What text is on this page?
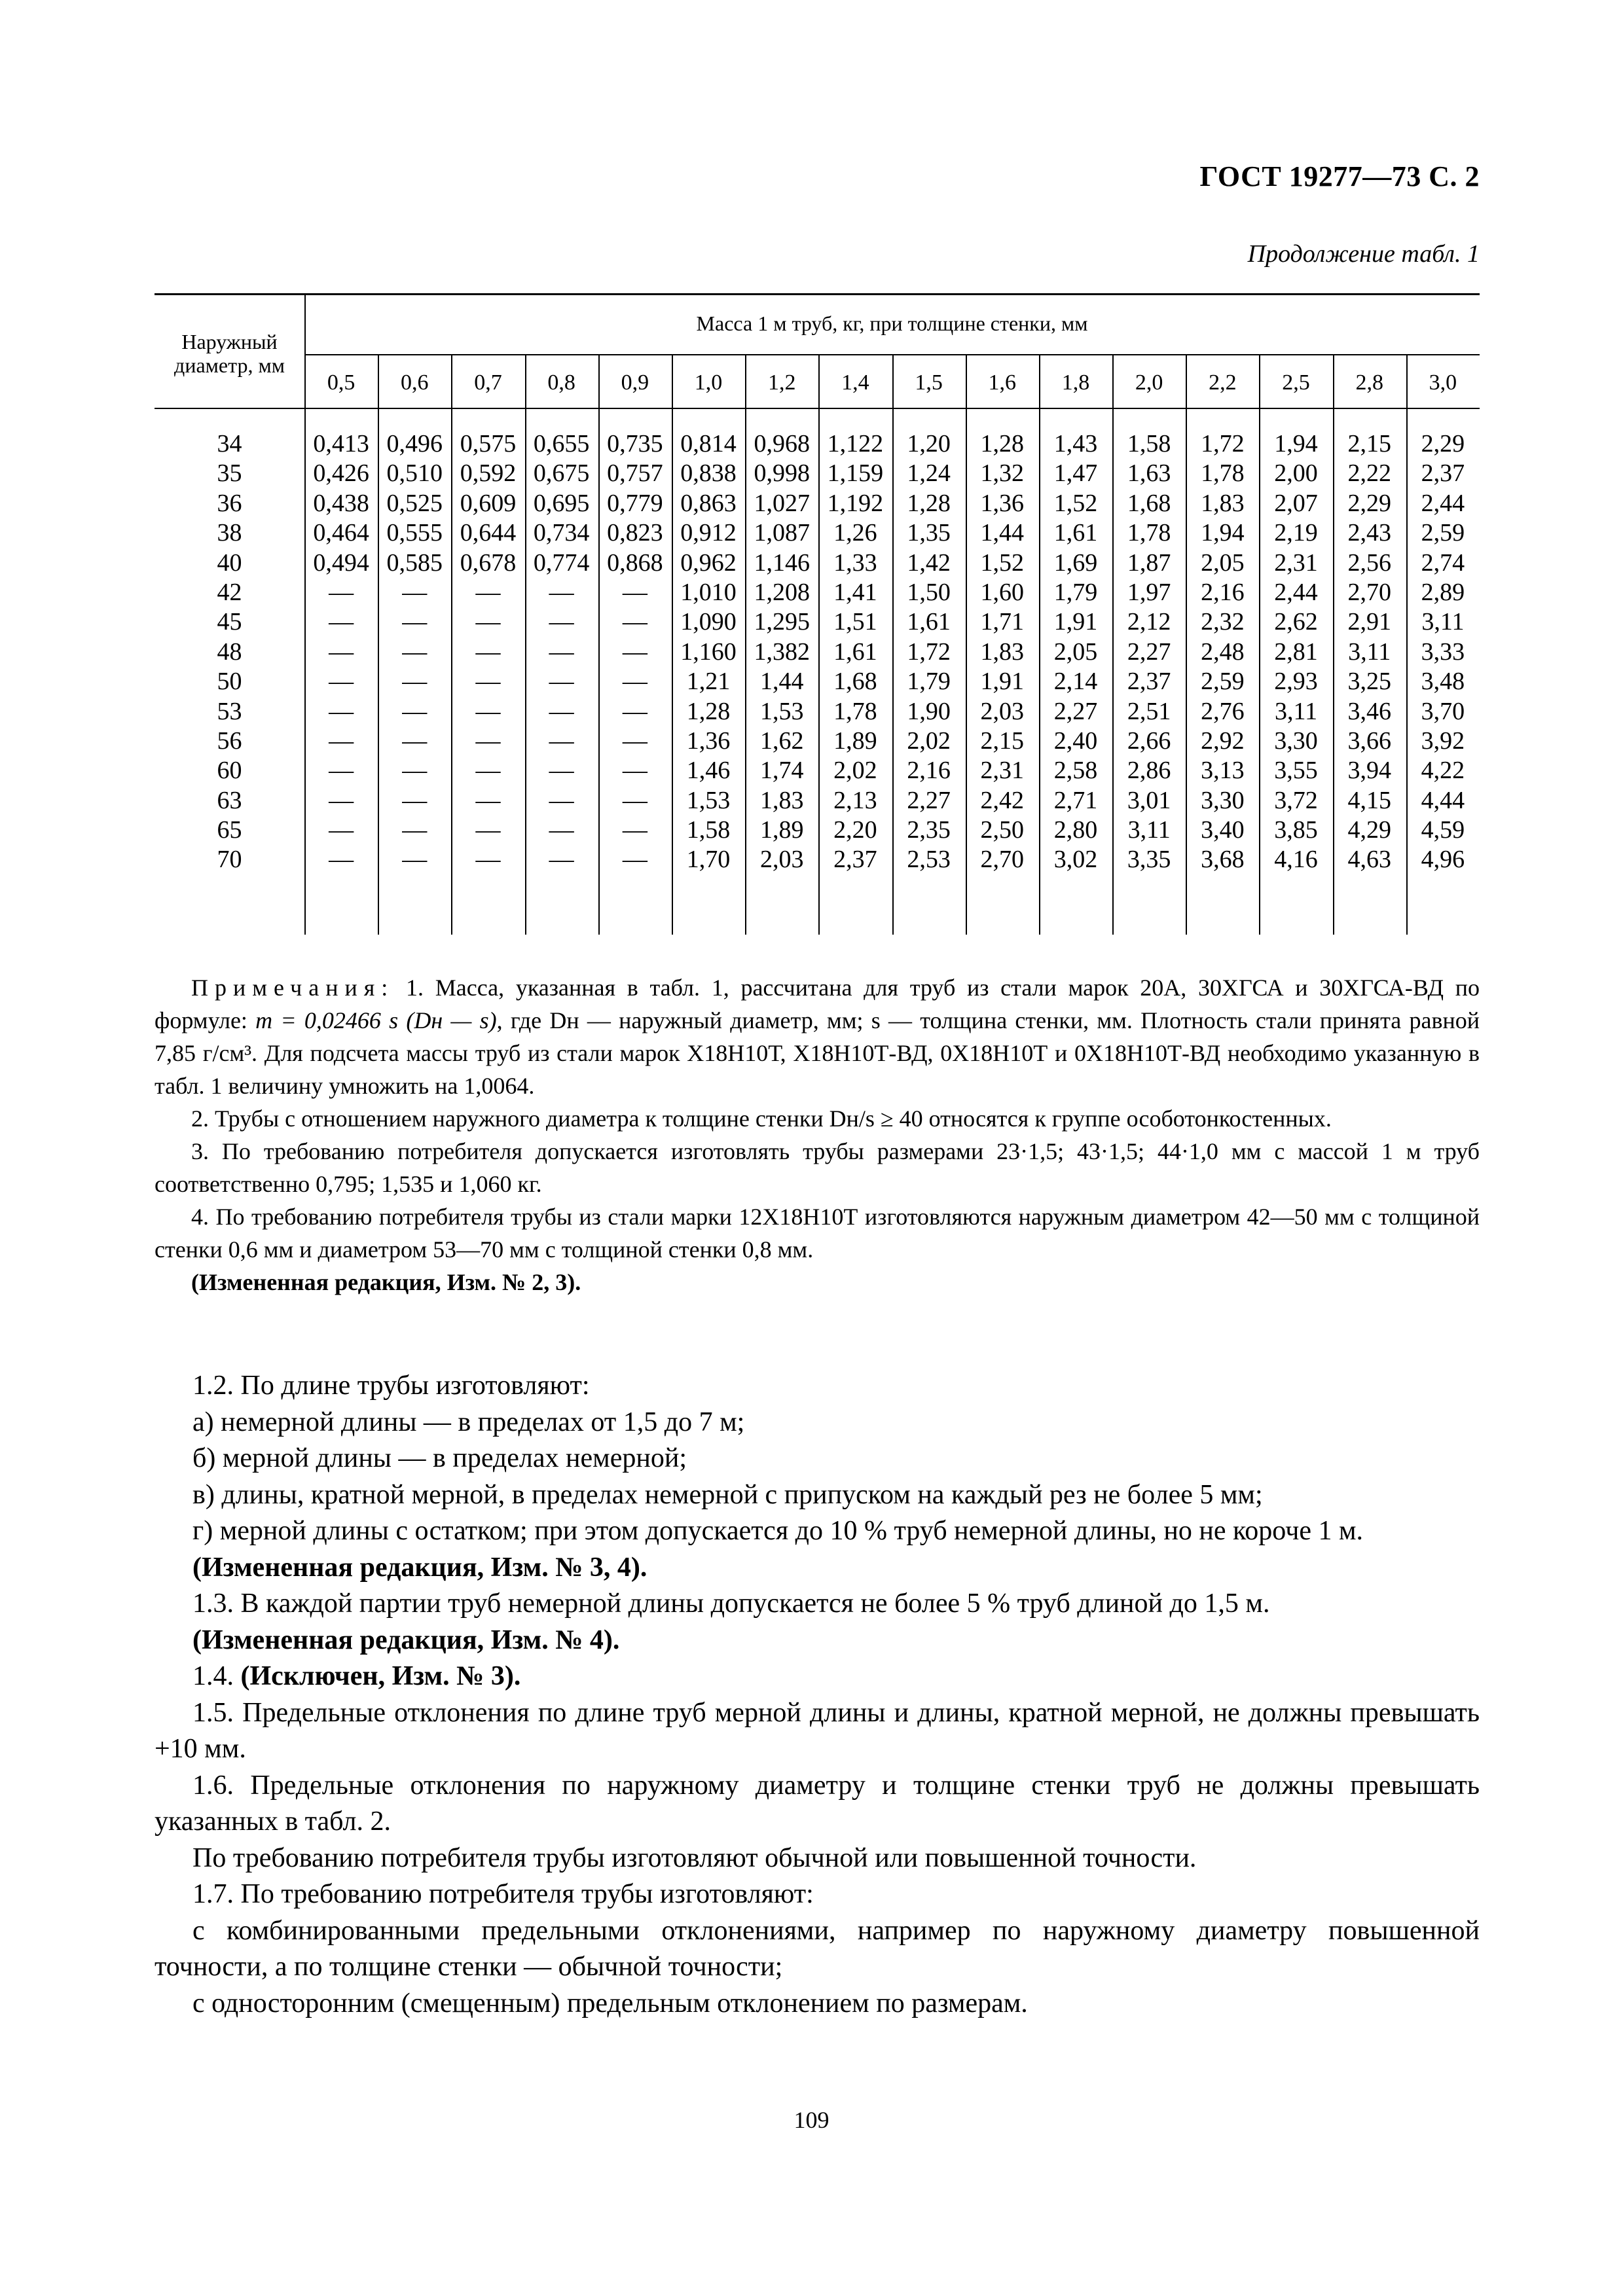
ГОСТ 19277—73 С. 2
Продолжение табл. 1
Наружный
диаметр, мм
Масса 1 м труб, кг, при толщине стенки, мм
34
35
36
38
40
42
45
48
50
53
56
60
63
65
70
0,5
0,413
0,426
0,438
0,464
0,494
—
—
—
—
—
—
—
—
—
—
0,6
0,496
0,510
0,525
0,555
0,585
—
—
—
—
—
—
—
—
—
—
0,7
0,575
0,592
0,609
0,644
0,678
—
—
—
—
—
—
—
—
—
—
0,8
0,655
0,675
0,695
0,734
0,774
—
—
—
—
—
—
—
—
—
—
0,9
0,735
0,757
0,779
0,823
0,868
—
—
—
—
—
—
—
—
—
—
1,0
0,814
0,838
0,863
0,912
0,962
1,010
1,090
1,160
1,21
1,28
1,36
1,46
1,53
1,58
1,70
1,2
0,968
0,998
1,027
1,087
1,146
1,208
1,295
1,382
1,44
1,53
1,62
1,74
1,83
1,89
2,03
1,4
1,122
1,159
1,192
1,26
1,33
1,41
1,51
1,61
1,68
1,78
1,89
2,02
2,13
2,20
2,37
1,5
1,20
1,24
1,28
1,35
1,42
1,50
1,61
1,72
1,79
1,90
2,02
2,16
2,27
2,35
2,53
1,6
1,28
1,32
1,36
1,44
1,52
1,60
1,71
1,83
1,91
2,03
2,15
2,31
2,42
2,50
2,70
1,8
1,43
1,47
1,52
1,61
1,69
1,79
1,91
2,05
2,14
2,27
2,40
2,58
2,71
2,80
3,02
2,0
1,58
1,63
1,68
1,78
1,87
1,97
2,12
2,27
2,37
2,51
2,66
2,86
3,01
3,11
3,35
2,2
1,72
1,78
1,83
1,94
2,05
2,16
2,32
2,48
2,59
2,76
2,92
3,13
3,30
3,40
3,68
2,5
1,94
2,00
2,07
2,19
2,31
2,44
2,62
2,81
2,93
3,11
3,30
3,55
3,72
3,85
4,16
2,8
2,15
2,22
2,29
2,43
2,56
2,70
2,91
3,11
3,25
3,46
3,66
3,94
4,15
4,29
4,63
3,0
2,29
2,37
2,44
2,59
2,74
2,89
3,11
3,33
3,48
3,70
3,92
4,22
4,44
4,59
4,96

Примечания: 1. Масса, указанная в табл. 1, рассчитана для труб из стали марок 20А, 30ХГСА и 30ХГСА-ВД по формуле: m = 0,02466 s (Dн — s), где Dн — наружный диаметр, мм; s — толщина стенки, мм. Плотность стали принята равной 7,85 г/см³. Для подсчета массы труб из стали марок Х18Н10Т, Х18Н10Т-ВД, 0Х18Н10Т и 0Х18Н10Т-ВД необходимо указанную в табл. 1 величину умножить на 1,0064.

2. Трубы с отношением наружного диаметра к толщине стенки Dн/s ≥ 40 относятся к группе особотонкостенных.

3. По требованию потребителя допускается изготовлять трубы размерами 23·1,5; 43·1,5; 44·1,0 мм с массой 1 м труб соответственно 0,795; 1,535 и 1,060 кг.

4. По требованию потребителя трубы из стали марки 12Х18Н10Т изготовляются наружным диаметром 42—50 мм с толщиной стенки 0,6 мм и диаметром 53—70 мм с толщиной стенки 0,8 мм.

(Измененная редакция, Изм. № 2, 3).

1.2. По длине трубы изготовляют:

а) немерной длины — в пределах от 1,5 до 7 м;

б) мерной длины — в пределах немерной;

в) длины, кратной мерной, в пределах немерной с припуском на каждый рез не более 5 мм;

г) мерной длины с остатком; при этом допускается до 10 % труб немерной длины, но не короче 1 м.

(Измененная редакция, Изм. № 3, 4).

1.3. В каждой партии труб немерной длины допускается не более 5 % труб длиной до 1,5 м.

(Измененная редакция, Изм. № 4).

1.4. (Исключен, Изм. № 3).

1.5. Предельные отклонения по длине труб мерной длины и длины, кратной мерной, не должны превышать +10 мм.

1.6. Предельные отклонения по наружному диаметру и толщине стенки труб не должны превышать указанных в табл. 2.

По требованию потребителя трубы изготовляют обычной или повышенной точности.

1.7. По требованию потребителя трубы изготовляют:

с комбинированными предельными отклонениями, например по наружному диаметру повышенной точности, а по толщине стенки — обычной точности;

с односторонним (смещенным) предельным отклонением по размерам.

109
